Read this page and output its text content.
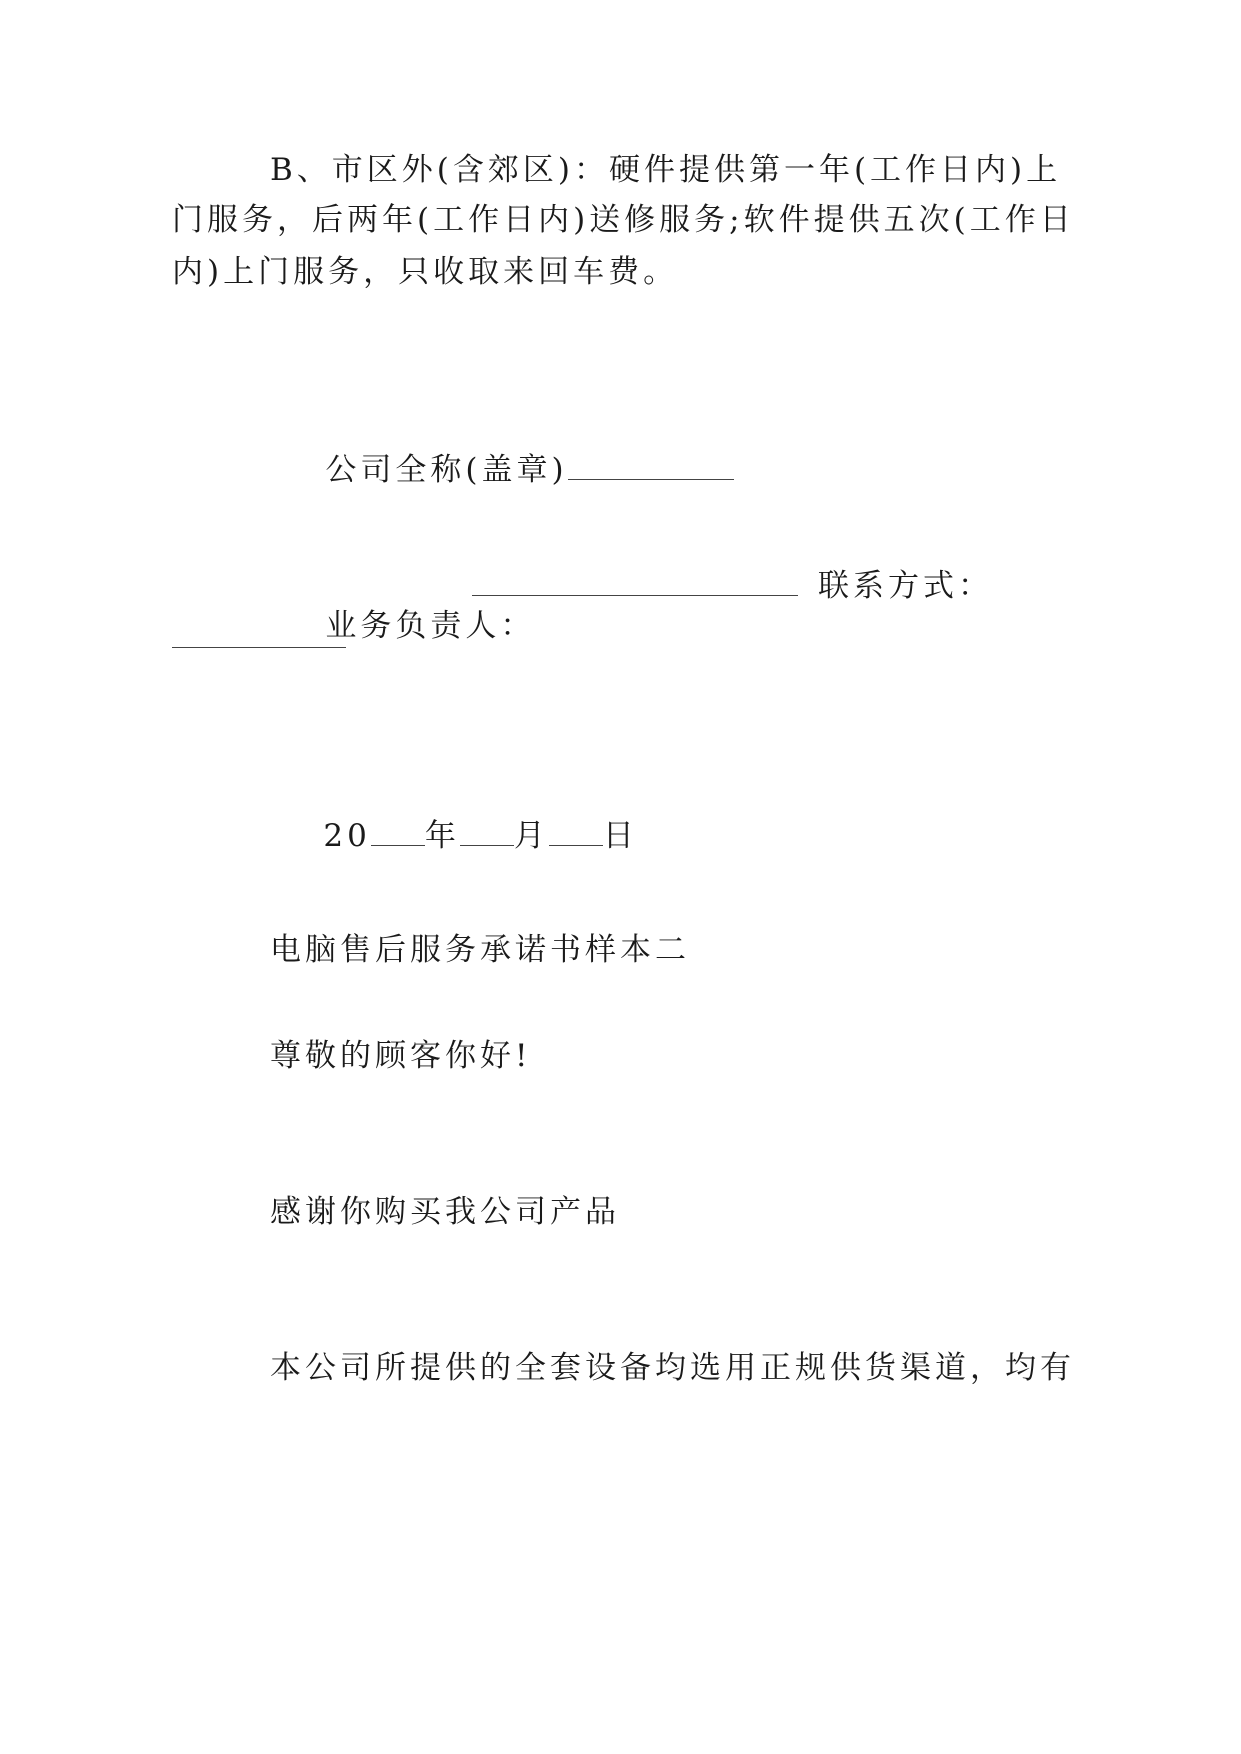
B、市区外(含郊区)：硬件提供第一年(工作日内)上
门服务，后两年(工作日内)送修服务;软件提供五次(工作日
内)上门服务，只收取来回车费。

公司全称(盖章)

业务负责人：

联系方式：

20 年 月 日

电脑售后服务承诺书样本二
尊敬的顾客你好!
感谢你购买我公司产品
本公司所提供的全套设备均选用正规供货渠道，均有
